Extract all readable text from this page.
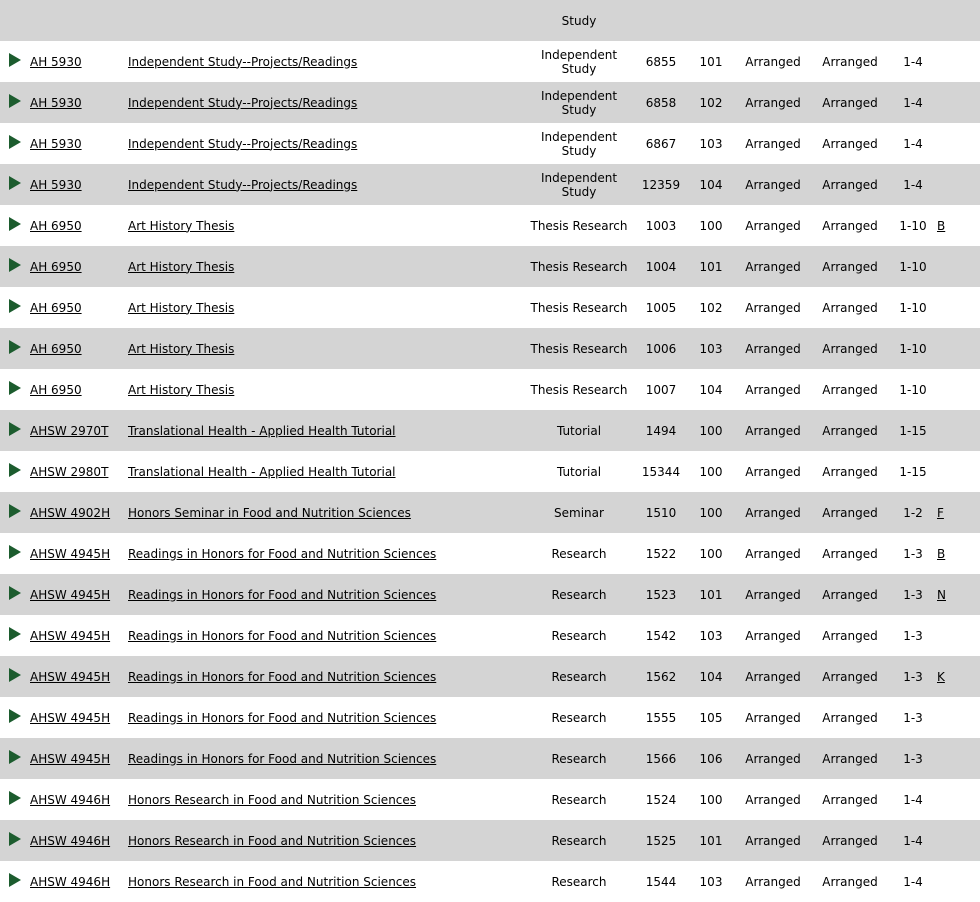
			Study						
	AH 5930	Independent Study--Projects/Readings	Independent
Study	6855	101	Arranged	Arranged	1-4	

	AH 5930	Independent Study--Projects/Readings	Independent
Study	6858	102	Arranged	Arranged	1-4	

	AH 5930	Independent Study--Projects/Readings	Independent
Study	6867	103	Arranged	Arranged	1-4	

	AH 5930	Independent Study--Projects/Readings	Independent
Study	12359	104	Arranged	Arranged	1-4	

	AH 6950	Art History Thesis	Thesis Research	1003	100	Arranged	Arranged	1-10	B

	AH 6950	Art History Thesis	Thesis Research	1004	101	Arranged	Arranged	1-10	

	AH 6950	Art History Thesis	Thesis Research	1005	102	Arranged	Arranged	1-10	

	AH 6950	Art History Thesis	Thesis Research	1006	103	Arranged	Arranged	1-10	

	AH 6950	Art History Thesis	Thesis Research	1007	104	Arranged	Arranged	1-10	

	AHSW 2970T	Translational Health - Applied Health Tutorial	Tutorial	1494	100	Arranged	Arranged	1-15	

	AHSW 2980T	Translational Health - Applied Health Tutorial	Tutorial	15344	100	Arranged	Arranged	1-15	

	AHSW 4902H	Honors Seminar in Food and Nutrition Sciences	Seminar	1510	100	Arranged	Arranged	1-2	F

	AHSW 4945H	Readings in Honors for Food and Nutrition Sciences	Research	1522	100	Arranged	Arranged	1-3	B

	AHSW 4945H	Readings in Honors for Food and Nutrition Sciences	Research	1523	101	Arranged	Arranged	1-3	N

	AHSW 4945H	Readings in Honors for Food and Nutrition Sciences	Research	1542	103	Arranged	Arranged	1-3	

	AHSW 4945H	Readings in Honors for Food and Nutrition Sciences	Research	1562	104	Arranged	Arranged	1-3	K

	AHSW 4945H	Readings in Honors for Food and Nutrition Sciences	Research	1555	105	Arranged	Arranged	1-3	

	AHSW 4945H	Readings in Honors for Food and Nutrition Sciences	Research	1566	106	Arranged	Arranged	1-3	

	AHSW 4946H	Honors Research in Food and Nutrition Sciences	Research	1524	100	Arranged	Arranged	1-4	

	AHSW 4946H	Honors Research in Food and Nutrition Sciences	Research	1525	101	Arranged	Arranged	1-4	

	AHSW 4946H	Honors Research in Food and Nutrition Sciences	Research	1544	103	Arranged	Arranged	1-4	
